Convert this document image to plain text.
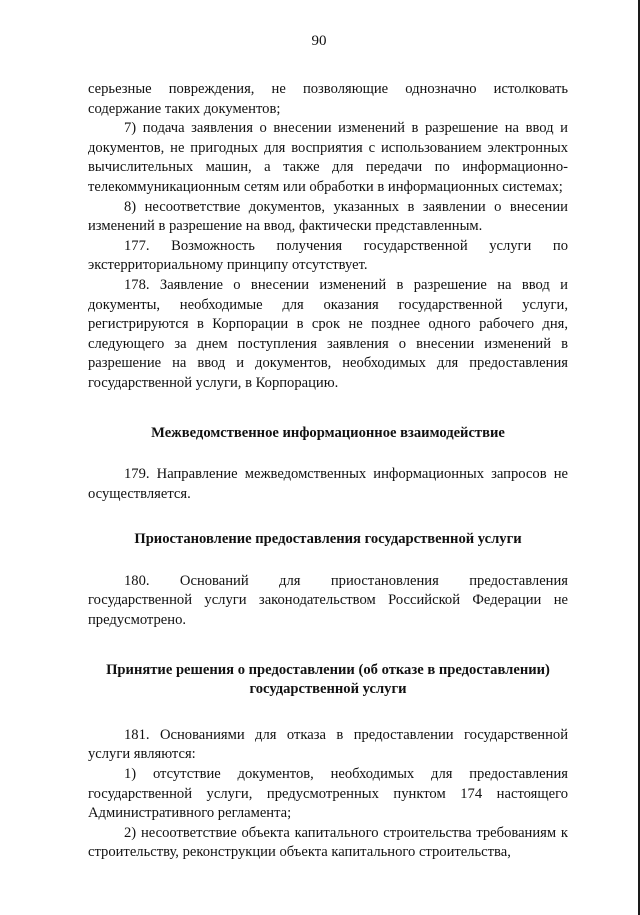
90

серьезные повреждения, не позволяющие однозначно истолковать содержание таких документов;

7) подача заявления о внесении изменений в разрешение на ввод и документов, не пригодных для восприятия с использованием электронных вычислительных машин, а также для передачи по информационно-телекоммуникационным сетям или обработки в информационных системах;

8) несоответствие документов, указанных в заявлении о внесении изменений в разрешение на ввод, фактически представленным.

177. Возможность получения государственной услуги по экстерриториальному принципу отсутствует.

178. Заявление о внесении изменений в разрешение на ввод и документы, необходимые для оказания государственной услуги, регистрируются в Корпорации в срок не позднее одного рабочего дня, следующего за днем поступления заявления о внесении изменений в разрешение на ввод и документов, необходимых для предоставления государственной услуги, в Корпорацию.

Межведомственное информационное взаимодействие

179. Направление межведомственных информационных запросов не осуществляется.

Приостановление предоставления государственной услуги

180. Оснований для приостановления предоставления государственной услуги законодательством Российской Федерации не предусмотрено.

Принятие решения о предоставлении (об отказе в предоставлении)
государственной услуги

181. Основаниями для отказа в предоставлении государственной услуги являются:

1) отсутствие документов, необходимых для предоставления государственной услуги, предусмотренных пунктом 174 настоящего Административного регламента;

2) несоответствие объекта капитального строительства требованиям к строительству, реконструкции объекта капитального строительства,
